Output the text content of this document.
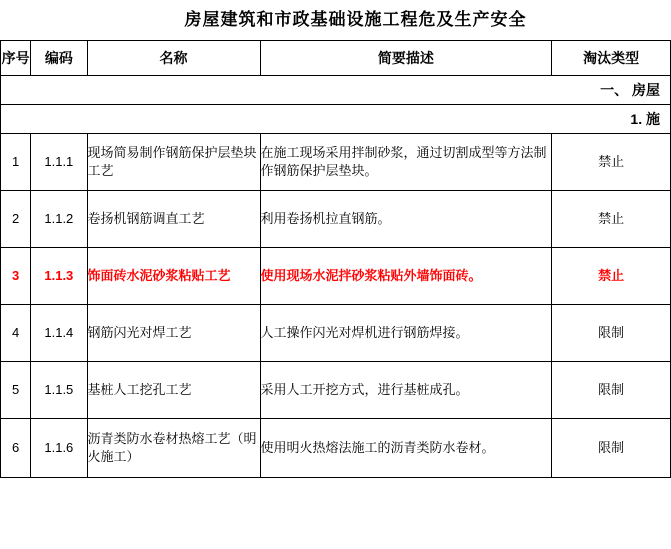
房屋建筑和市政基础设施工程危及生产安全				
序号	编码	名称	简要描述	淘汰类型
一、 房屋				
1. 施				
1	1.1.1	现场简易制作钢筋保护层垫块工艺	在施工现场采用拌制砂浆，通过切割成型等方法制作钢筋保护层垫块。	禁止
2	1.1.2	卷扬机钢筋调直工艺	利用卷扬机拉直钢筋。	禁止
3	1.1.3	饰面砖水泥砂浆粘贴工艺	使用现场水泥拌砂浆粘贴外墙饰面砖。	禁止
4	1.1.4	钢筋闪光对焊工艺	人工操作闪光对焊机进行钢筋焊接。	限制
5	1.1.5	基桩人工挖孔工艺	采用人工开挖方式，进行基桩成孔。	限制
6	1.1.6	沥青类防水卷材热熔工艺（明火施工）	使用明火热熔法施工的沥青类防水卷材。	限制
